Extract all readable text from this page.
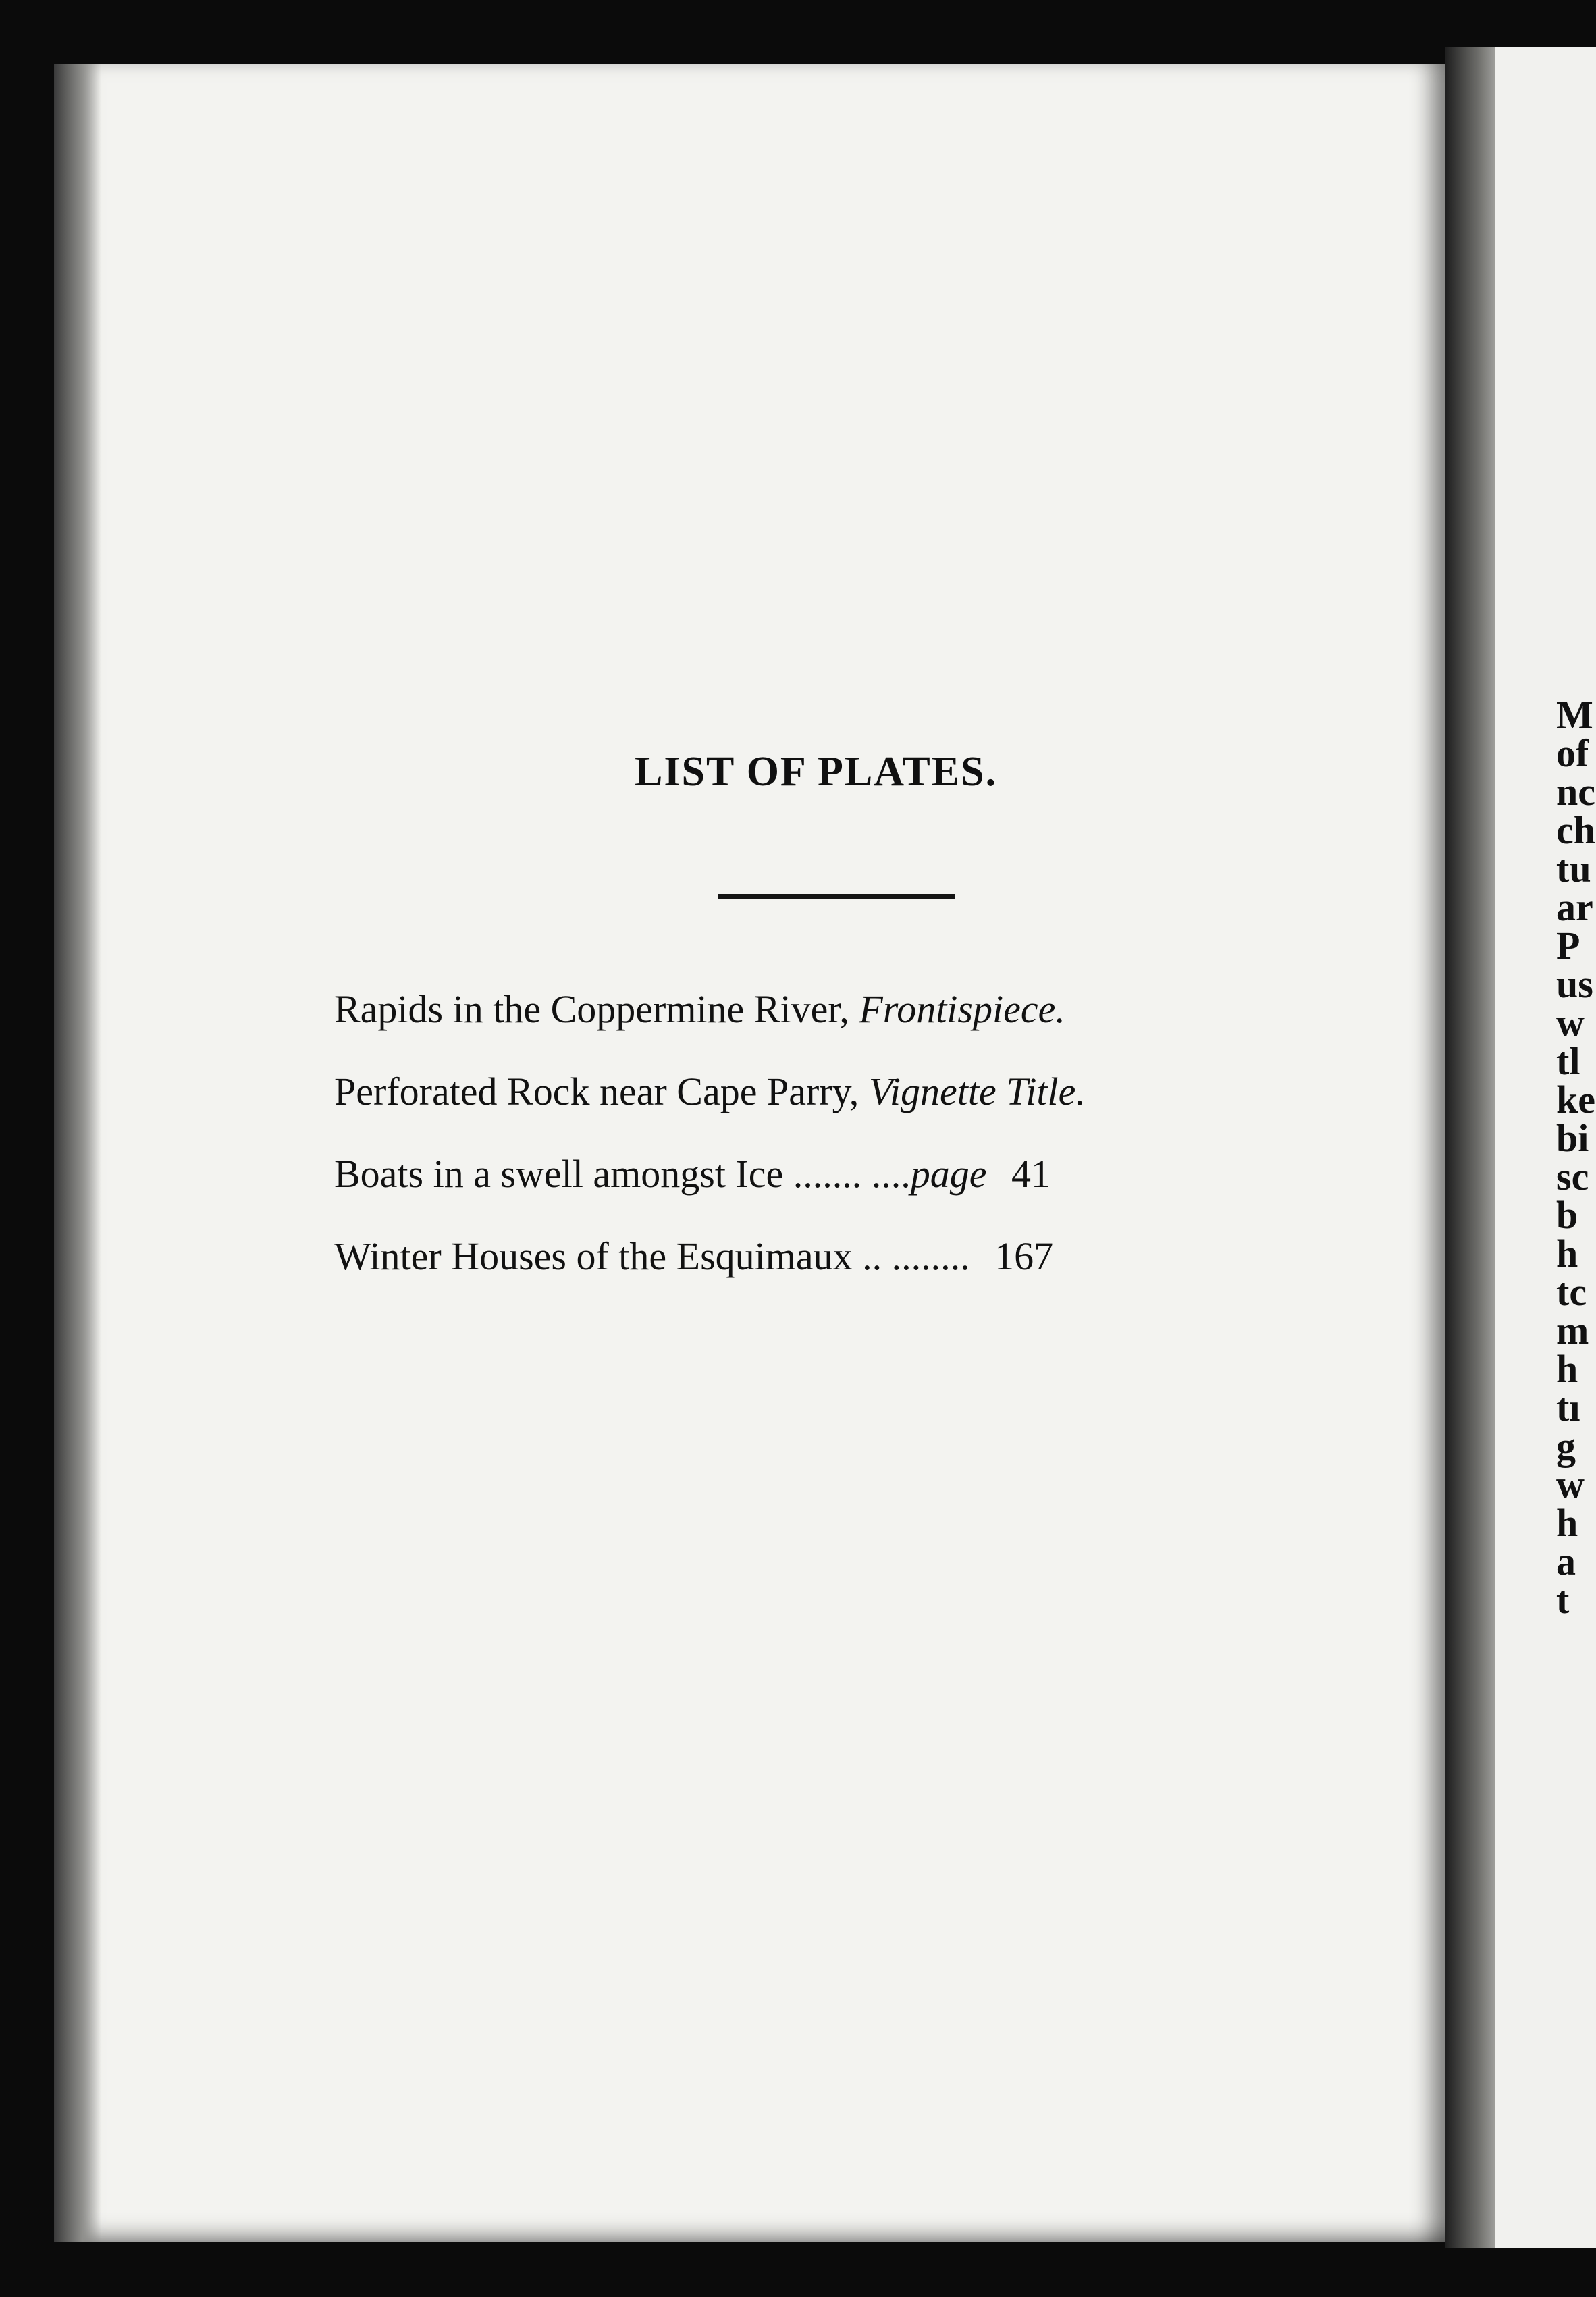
M
of
nc
ch
tu
ar
P
us
w
tl
ke
bi
sc
b
h
tc
m
h
tı
g
w
h
a
t
LIST OF PLATES.
Rapids in the Coppermine River, Frontispiece.
Perforated Rock near Cape Parry, Vignette Title.
Boats in a swell amongst Ice ....... ....page 41
Winter Houses of the Esquimaux .. ........ 167
